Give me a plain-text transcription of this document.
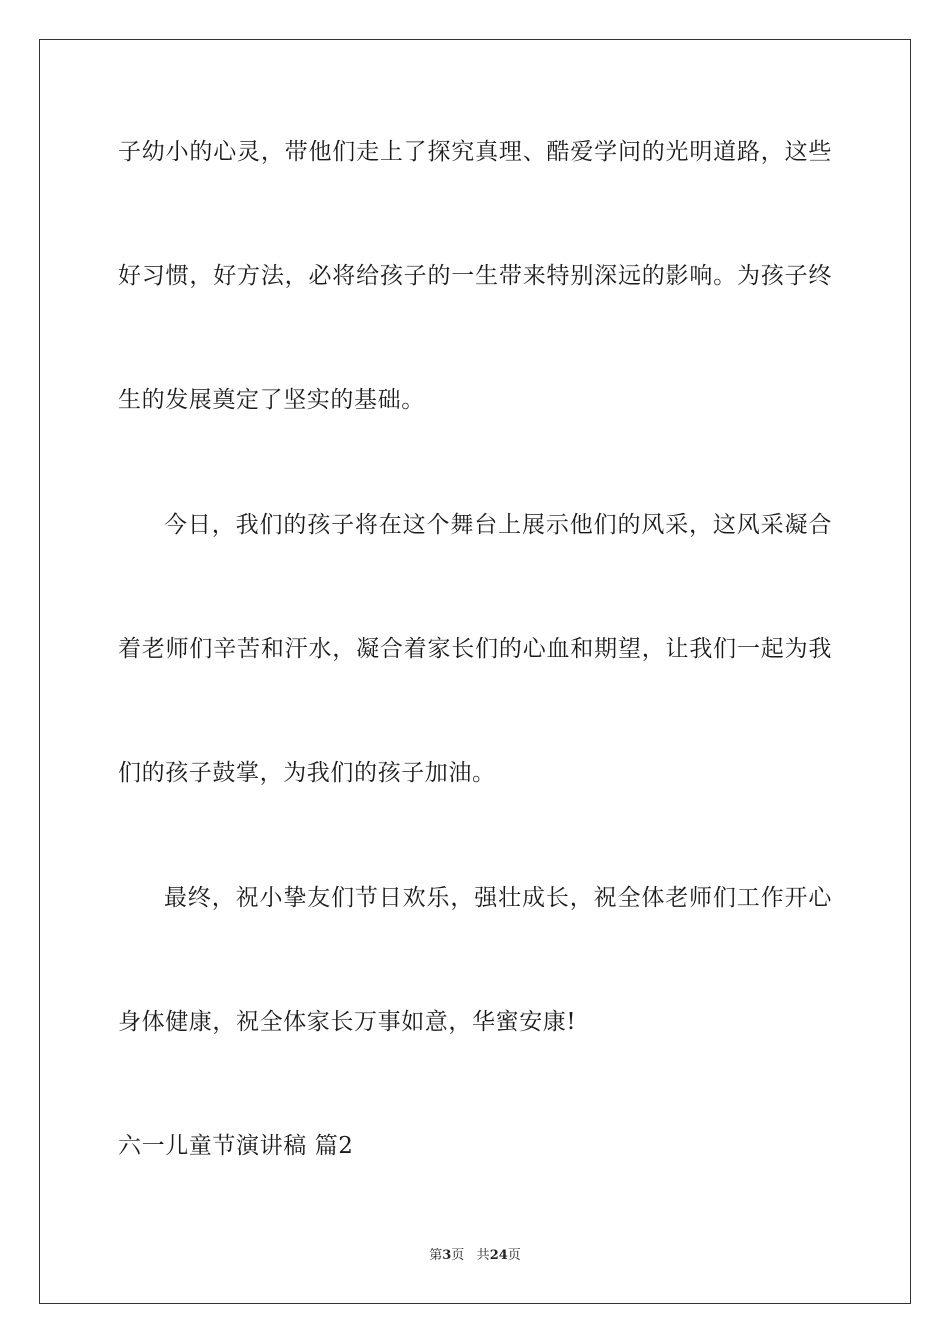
子幼小的心灵，带他们走上了探究真理、酷爱学问的光明道路，这些
好习惯，好方法，必将给孩子的一生带来特别深远的影响。为孩子终
生的发展奠定了坚实的基础。
今日，我们的孩子将在这个舞台上展示他们的风采，这风采凝合
着老师们辛苦和汗水，凝合着家长们的心血和期望，让我们一起为我
们的孩子鼓掌，为我们的孩子加油。
最终，祝小挚友们节日欢乐，强壮成长，祝全体老师们工作开心
身体健康，祝全体家长万事如意，华蜜安康!
六一儿童节演讲稿 篇2
第3页 共24页
